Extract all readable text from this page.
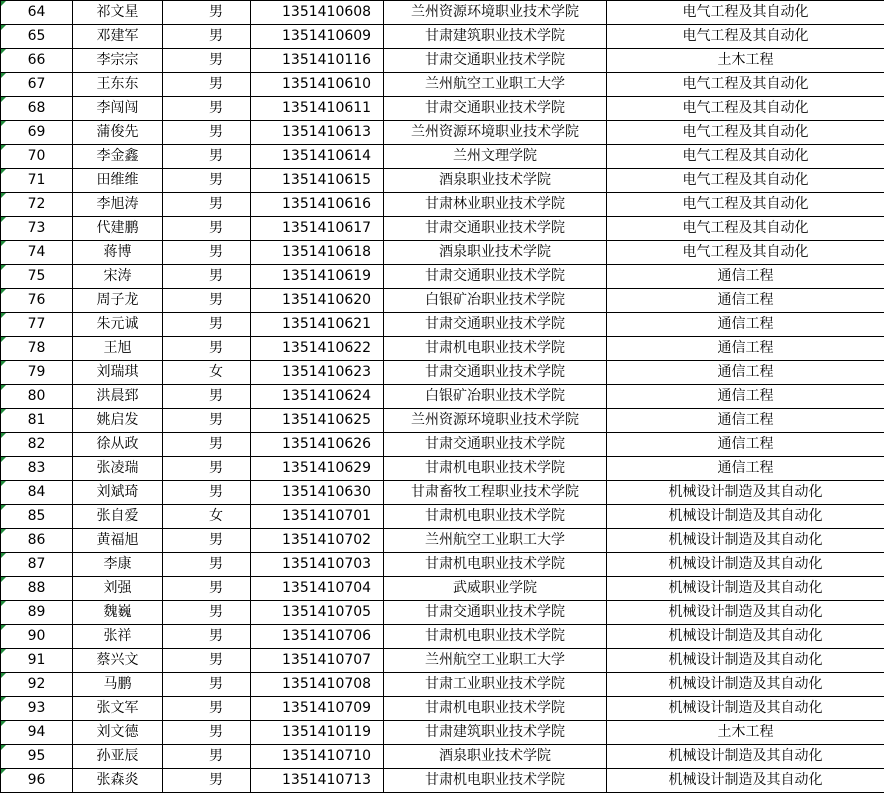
64	祁文星	男	1351410608	兰州资源环境职业技术学院	电气工程及其自动化
65	邓建军	男	1351410609	甘肃建筑职业技术学院	电气工程及其自动化
66	李宗宗	男	1351410116	甘肃交通职业技术学院	土木工程
67	王东东	男	1351410610	兰州航空工业职工大学	电气工程及其自动化
68	李闯闯	男	1351410611	甘肃交通职业技术学院	电气工程及其自动化
69	蒲俊先	男	1351410613	兰州资源环境职业技术学院	电气工程及其自动化
70	李金鑫	男	1351410614	兰州文理学院	电气工程及其自动化
71	田维维	男	1351410615	酒泉职业技术学院	电气工程及其自动化
72	李旭涛	男	1351410616	甘肃林业职业技术学院	电气工程及其自动化
73	代建鹏	男	1351410617	甘肃交通职业技术学院	电气工程及其自动化
74	蒋博	男	1351410618	酒泉职业技术学院	电气工程及其自动化
75	宋涛	男	1351410619	甘肃交通职业技术学院	通信工程
76	周子龙	男	1351410620	白银矿冶职业技术学院	通信工程
77	朱元诚	男	1351410621	甘肃交通职业技术学院	通信工程
78	王旭	男	1351410622	甘肃机电职业技术学院	通信工程
79	刘瑞琪	女	1351410623	甘肃交通职业技术学院	通信工程
80	洪晨郅	男	1351410624	白银矿冶职业技术学院	通信工程
81	姚启发	男	1351410625	兰州资源环境职业技术学院	通信工程
82	徐从政	男	1351410626	甘肃交通职业技术学院	通信工程
83	张凌瑞	男	1351410629	甘肃机电职业技术学院	通信工程
84	刘斌琦	男	1351410630	甘肃畜牧工程职业技术学院	机械设计制造及其自动化
85	张自爱	女	1351410701	甘肃机电职业技术学院	机械设计制造及其自动化
86	黄福旭	男	1351410702	兰州航空工业职工大学	机械设计制造及其自动化
87	李康	男	1351410703	甘肃机电职业技术学院	机械设计制造及其自动化
88	刘强	男	1351410704	武威职业学院	机械设计制造及其自动化
89	魏巍	男	1351410705	甘肃交通职业技术学院	机械设计制造及其自动化
90	张祥	男	1351410706	甘肃机电职业技术学院	机械设计制造及其自动化
91	蔡兴文	男	1351410707	兰州航空工业职工大学	机械设计制造及其自动化
92	马鹏	男	1351410708	甘肃工业职业技术学院	机械设计制造及其自动化
93	张文军	男	1351410709	甘肃机电职业技术学院	机械设计制造及其自动化
94	刘文德	男	1351410119	甘肃建筑职业技术学院	土木工程
95	孙亚辰	男	1351410710	酒泉职业技术学院	机械设计制造及其自动化
96	张森炎	男	1351410713	甘肃机电职业技术学院	机械设计制造及其自动化
